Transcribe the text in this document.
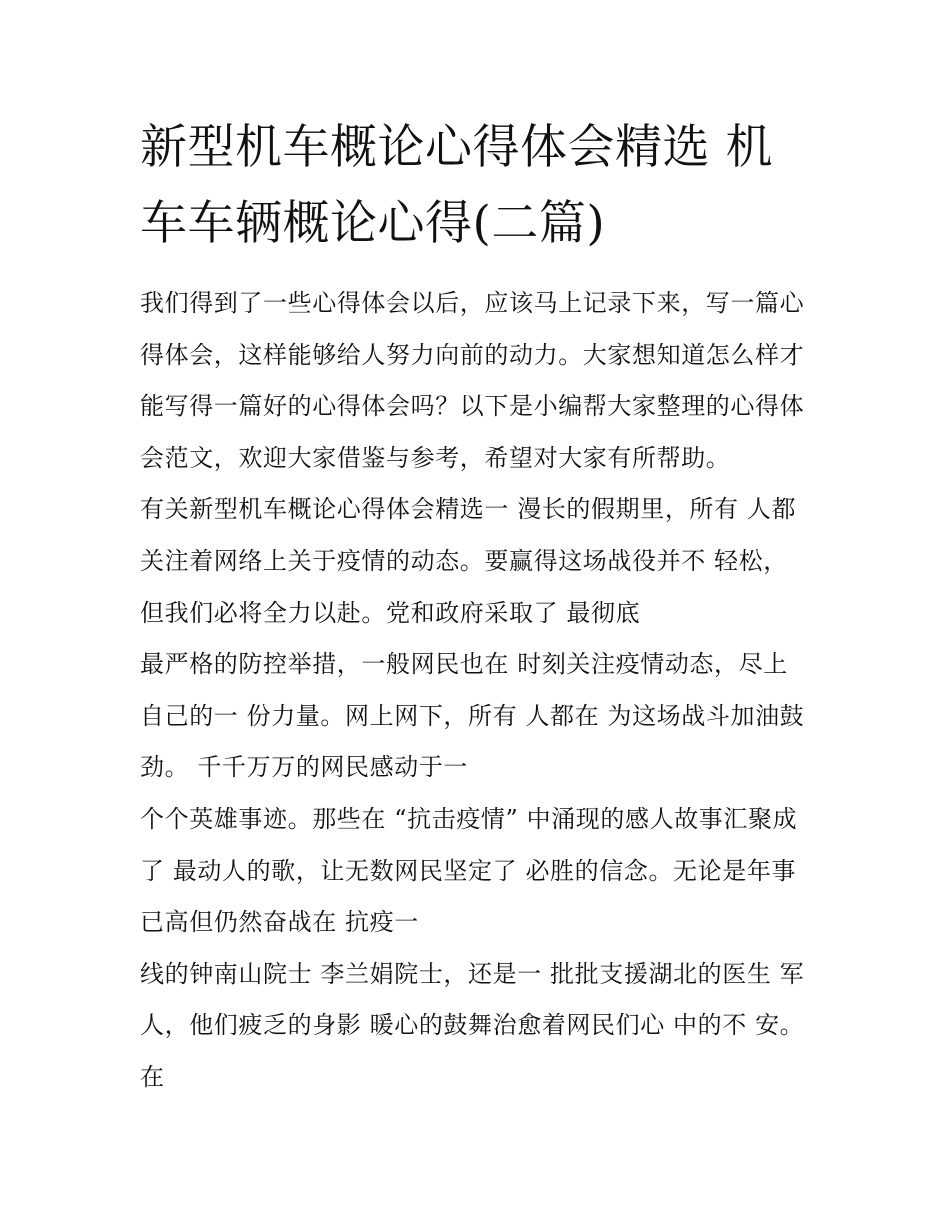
新型机车概论心得体会精选 机
车车辆概论心得(二篇)
我们得到了一些心得体会以后，应该马上记录下来，写一篇心
得体会，这样能够给人努力向前的动力。大家想知道怎么样才
能写得一篇好的心得体会吗？以下是小编帮大家整理的心得体
会范文，欢迎大家借鉴与参考，希望对大家有所帮助。
有关新型机车概论心得体会精选一 漫长的假期里，所有 人都
关注着网络上关于疫情的动态。要赢得这场战役并不 轻松，
但我们必将全力以赴。党和政府采取了 最彻底
最严格的防控举措，一般网民也在 时刻关注疫情动态，尽上
自己的一 份力量。网上网下，所有 人都在 为这场战斗加油鼓
劲。 千千万万的网民感动于一
个个英雄事迹。那些在 “抗击疫情” 中涌现的感人故事汇聚成
了 最动人的歌，让无数网民坚定了 必胜的信念。无论是年事
已高但仍然奋战在 抗疫一
线的钟南山院士 李兰娟院士，还是一 批批支援湖北的医生 军
人，他们疲乏的身影 暖心的鼓舞治愈着网民们心 中的不 安。
在
